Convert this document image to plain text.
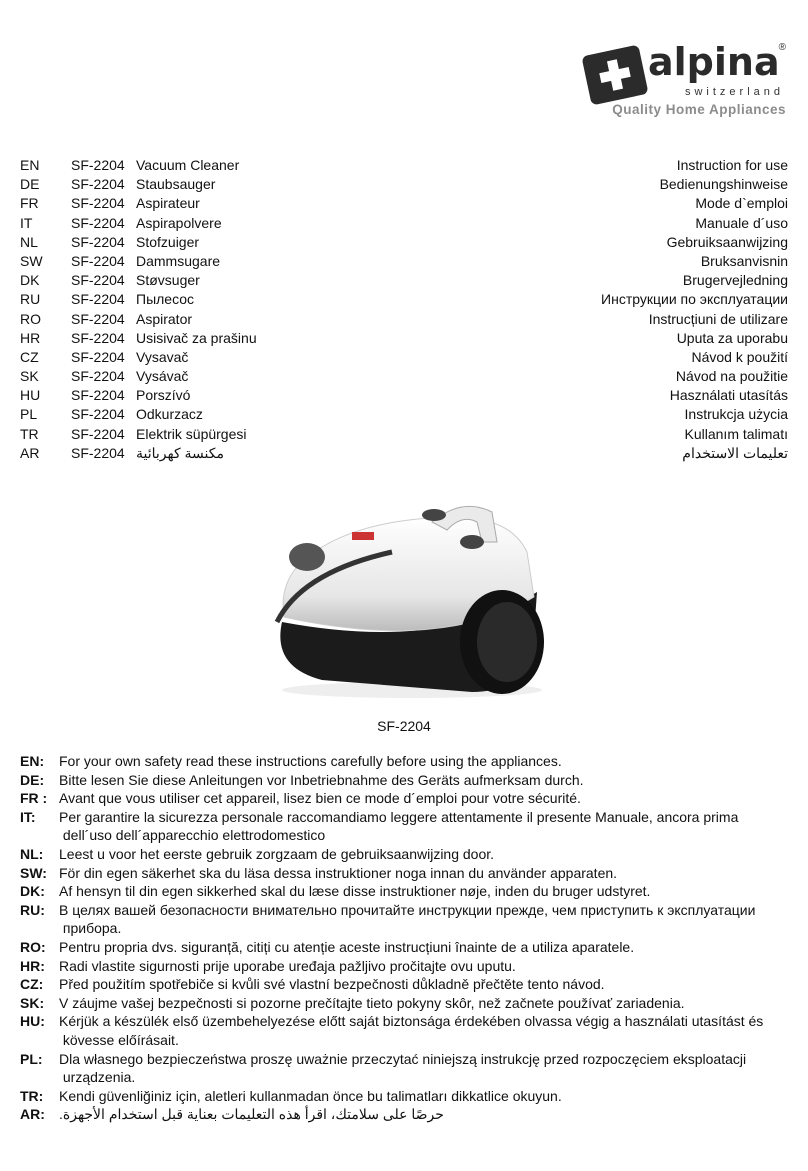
alpina ®
switzerland
Quality Home Appliances
EN SF-2204 Vacuum Cleaner	Instruction for use
DE SF-2204 Staubsauger	Bedienungshinweise
FR SF-2204 Aspirateur	Mode d`emploi
IT	SF-2204 Aspirapolvere	Manuale d´uso
NL SF-2204 Stofzuiger	Gebruiksaanwijzing
SW SF-2204 Dammsugare	Bruksanvisnin
DK SF-2204 Støvsuger	Brugervejledning
RU SF-2204 Пылесос	Инструкции по эксплуатации
RO SF-2204 Aspirator	Instrucțiuni de utilizare
HR SF-2204 Usisivač za prašinu	Uputa za uporabu
CZ SF-2204 Vysavač	Návod k použití
SK SF-2204 Vysávač	Návod na použitie
HU SF-2204 Porszívó	Használati utasítás
PL SF-2204 Odkurzacz	Instrukcja użycia
TR SF-2204 Elektrik süpürgesi	Kullanım talimatı
AR SF-2204 مكنسة كهربائية	تعليمات الاستخدام
SF-2204
EN: For your own safety read these instructions carefully before using the appliances.
DE: Bitte lesen Sie diese Anleitungen vor Inbetriebnahme des Geräts aufmerksam durch.
FR : Avant que vous utiliser cet appareil, lisez bien ce mode d´emploi pour votre sécurité.
IT: Per garantire la sicurezza personale raccomandiamo leggere attentamente il presente Manuale, ancora prima
dell´uso dell´apparecchio elettrodomestico
NL: Leest u voor het eerste gebruik zorgzaam de gebruiksaanwijzing door.
SW: För din egen säkerhet ska du läsa dessa instruktioner noga innan du använder apparaten.
DK: Af hensyn til din egen sikkerhed skal du læse disse instruktioner nøje, inden du bruger udstyret.
RU: В целях вашей безопасности внимательно прочитайте инструкции прежде, чем приступить к эксплуатации
прибора.
RO: Pentru propria dvs. siguranță, citiți cu atenție aceste instrucțiuni înainte de a utiliza aparatele.
HR: Radi vlastite sigurnosti prije uporabe uređaja pažljivo pročitajte ovu uputu.
CZ: Před použitím spotřebiče si kvůli své vlastní bezpečnosti důkladně přečtěte tento návod.
SK: V záujme vašej bezpečnosti si pozorne prečítajte tieto pokyny skôr, než začnete používať zariadenia.
HU: Kérjük a készülék első üzembehelyezése előtt saját biztonsága érdekében olvassa végig a használati utasítást és
kövesse előírásait.
PL: Dla własnego bezpieczeństwa proszę uważnie przeczytać niniejszą instrukcję przed rozpoczęciem eksploatacji
urządzenia.
TR: Kendi güvenliğiniz için, aletleri kullanmadan önce bu talimatları dikkatlice okuyun.
AR: حرصًا على سلامتك، اقرأ هذه التعليمات بعناية قبل استخدام الأجهزة.
